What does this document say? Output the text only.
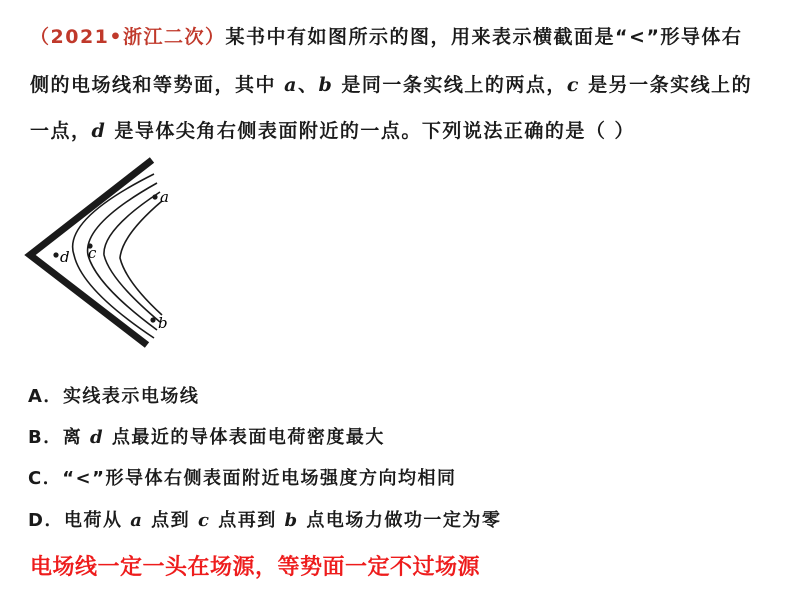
（2021•浙江二次）某书中有如图所示的图，用来表示横截面是“<”形导体右
侧的电场线和等势面，其中 a、b 是同一条实线上的两点，c 是另一条实线上的
一点，d 是导体尖角右侧表面附近的一点。下列说法正确的是（ ）
a
d c
b
A．实线表示电场线
B．离 d 点最近的导体表面电荷密度最大
C．“<”形导体右侧表面附近电场强度方向均相同
D．电荷从 a 点到 c 点再到 b 点电场力做功一定为零
电场线一定一头在场源，等势面一定不过场源
